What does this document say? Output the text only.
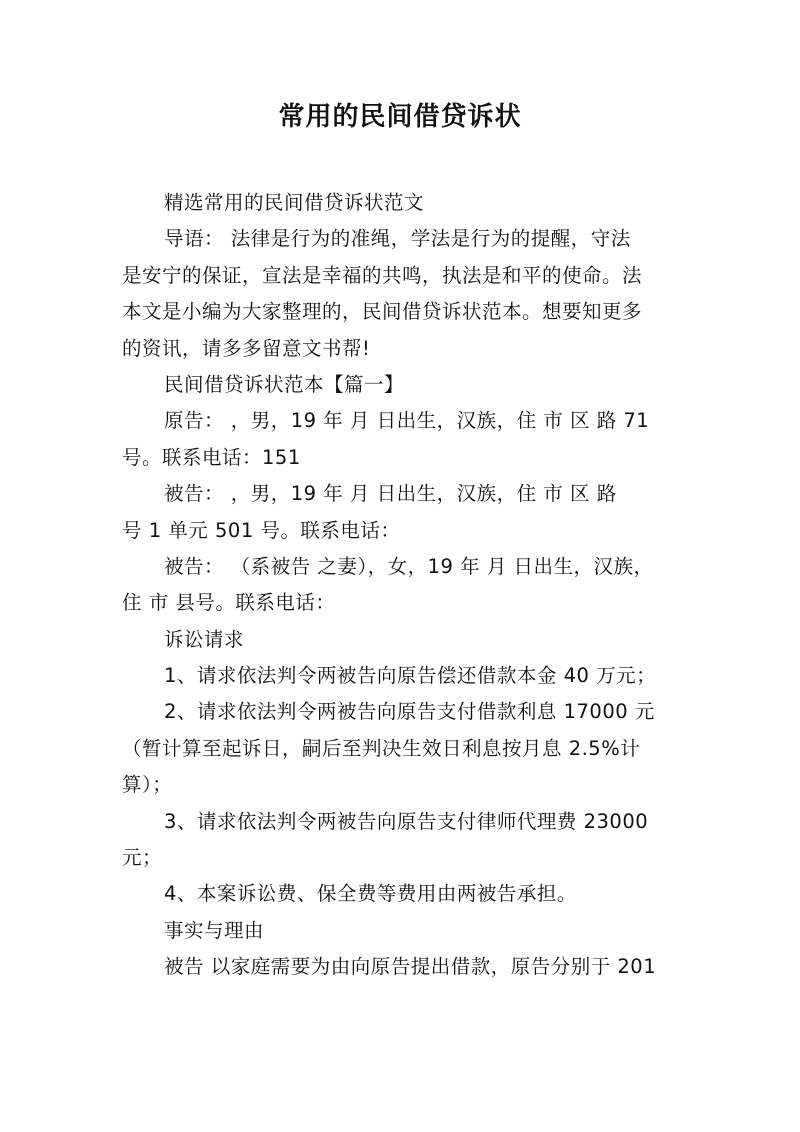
常用的民间借贷诉状
精选常用的民间借贷诉状范文
导语： 法律是行为的准绳，学法是行为的提醒，守法
是安宁的保证，宣法是幸福的共鸣，执法是和平的使命。法
本文是小编为大家整理的，民间借贷诉状范本。想要知更多
的资讯，请多多留意文书帮!
民间借贷诉状范本【篇一】
原告： ，男，19 年 月 日出生，汉族，住 市 区 路 71
号。联系电话：151
被告： ，男，19 年 月 日出生，汉族，住 市 区 路
号 1 单元 501 号。联系电话：
被告： （系被告 之妻），女，19 年 月 日出生，汉族，
住 市 县号。联系电话：
诉讼请求
1、请求依法判令两被告向原告偿还借款本金 40 万元；
2、请求依法判令两被告向原告支付借款利息 17000 元
（暂计算至起诉日，嗣后至判决生效日利息按月息 2.5%计
算）；
3、请求依法判令两被告向原告支付律师代理费 23000
元；
4、本案诉讼费、保全费等费用由两被告承担。
事实与理由
被告 以家庭需要为由向原告提出借款，原告分别于 201
